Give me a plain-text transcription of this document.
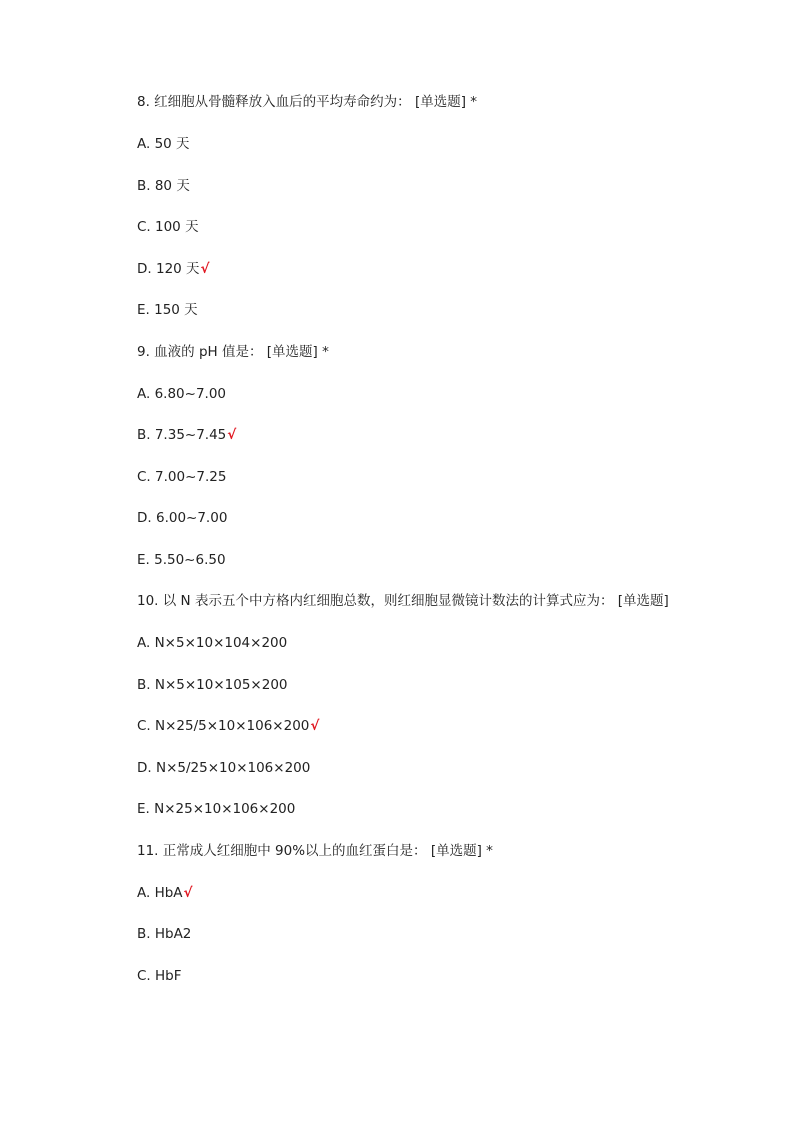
8. 红细胞从骨髓释放入血后的平均寿命约为： [单选题] *
A. 50 天
B. 80 天
C. 100 天
D. 120 天√
E. 150 天
9. 血液的 pH 值是： [单选题] *
A. 6.80~7.00
B. 7.35~7.45√
C. 7.00~7.25
D. 6.00~7.00
E. 5.50~6.50
10. 以 N 表示五个中方格内红细胞总数，则红细胞显微镜计数法的计算式应为： [单选题]
A. N×5×10×104×200
B. N×5×10×105×200
C. N×25/5×10×106×200√
D. N×5/25×10×106×200
E. N×25×10×106×200
11. 正常成人红细胞中 90%以上的血红蛋白是： [单选题] *
A. HbA√
B. HbA2
C. HbF
